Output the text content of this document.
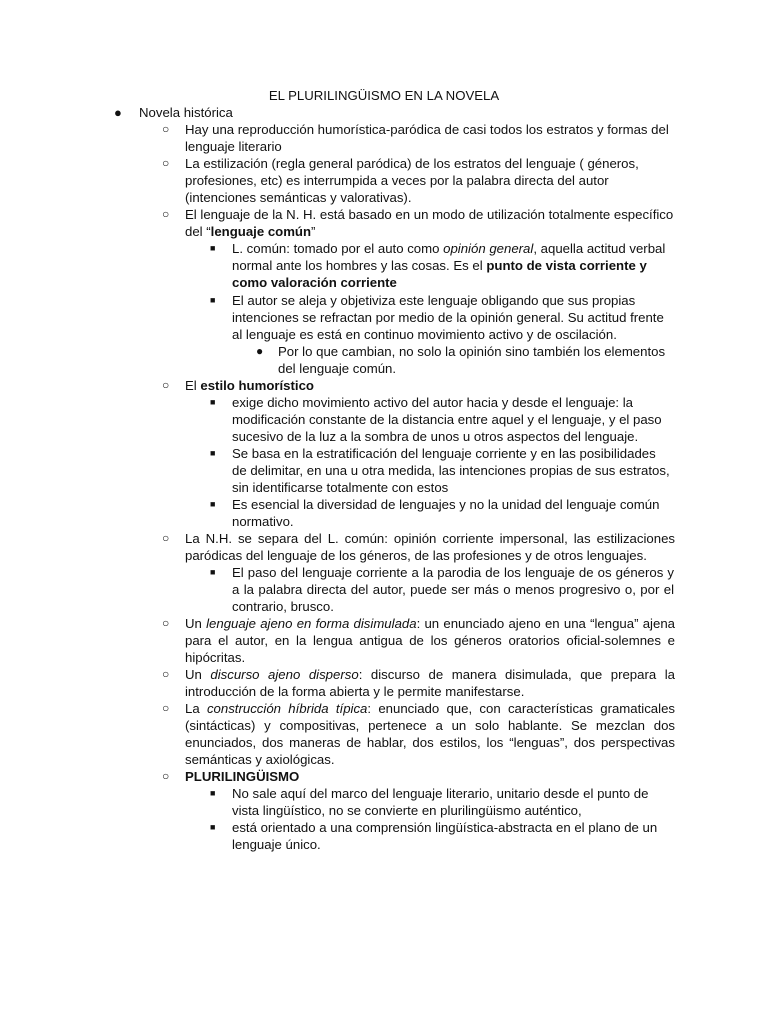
EL PLURILINGÜISMO EN LA NOVELA
● Novela histórica
○ Hay una reproducción humorística-paródica de casi todos los estratos y formas del lenguaje literario
○ La estilización (regla general paródica) de los estratos del lenguaje ( géneros, profesiones, etc) es interrumpida a veces por la palabra directa del autor (intenciones semánticas y valorativas).
○ El lenguaje de la N. H. está basado en un modo de utilización totalmente específico del “lenguaje común”
■ L. común: tomado por el auto como opinión general, aquella actitud verbal normal ante los hombres y las cosas. Es el punto de vista corriente y como valoración corriente
■ El autor se aleja y objetiviza este lenguaje obligando que sus propias intenciones se refractan por medio de la opinión general. Su actitud frente al lenguaje es está en continuo movimiento activo y de oscilación.
● Por lo que cambian, no solo la opinión sino también los elementos del lenguaje común.
○ El estilo humorístico
■ exige dicho movimiento activo del autor hacia y desde el lenguaje: la modificación constante de la distancia entre aquel y el lenguaje, y el paso sucesivo de la luz a la sombra de unos u otros aspectos del lenguaje.
■ Se basa en la estratificación del lenguaje corriente y en las posibilidades de delimitar, en una u otra medida, las intenciones propias de sus estratos, sin identificarse totalmente con estos
■ Es esencial la diversidad de lenguajes y no la unidad del lenguaje común normativo.
○ La N.H. se separa del L. común: opinión corriente impersonal, las estilizaciones paródicas del lenguaje de los géneros, de las profesiones y de otros lenguajes.
■ El paso del lenguaje corriente a la parodia de los lenguaje de os géneros y a la palabra directa del autor, puede ser más o menos progresivo o, por el contrario, brusco.
○ Un lenguaje ajeno en forma disimulada: un enunciado ajeno en una “lengua” ajena para el autor, en la lengua antigua de los géneros oratorios oficial-solemnes e hipócritas.
○ Un discurso ajeno disperso: discurso de manera disimulada, que prepara la introducción de la forma abierta y le permite manifestarse.
○ La construcción híbrida típica: enunciado que, con características gramaticales (sintácticas) y compositivas, pertenece a un solo hablante. Se mezclan dos enunciados, dos maneras de hablar, dos estilos, los “lenguas”, dos perspectivas semánticas y axiológicas.
○ PLURILINGÜISMO
■ No sale aquí del marco del lenguaje literario, unitario desde el punto de vista lingüístico, no se convierte en plurilingüismo auténtico,
■ está orientado a una comprensión lingüística-abstracta en el plano de un lenguaje único.
